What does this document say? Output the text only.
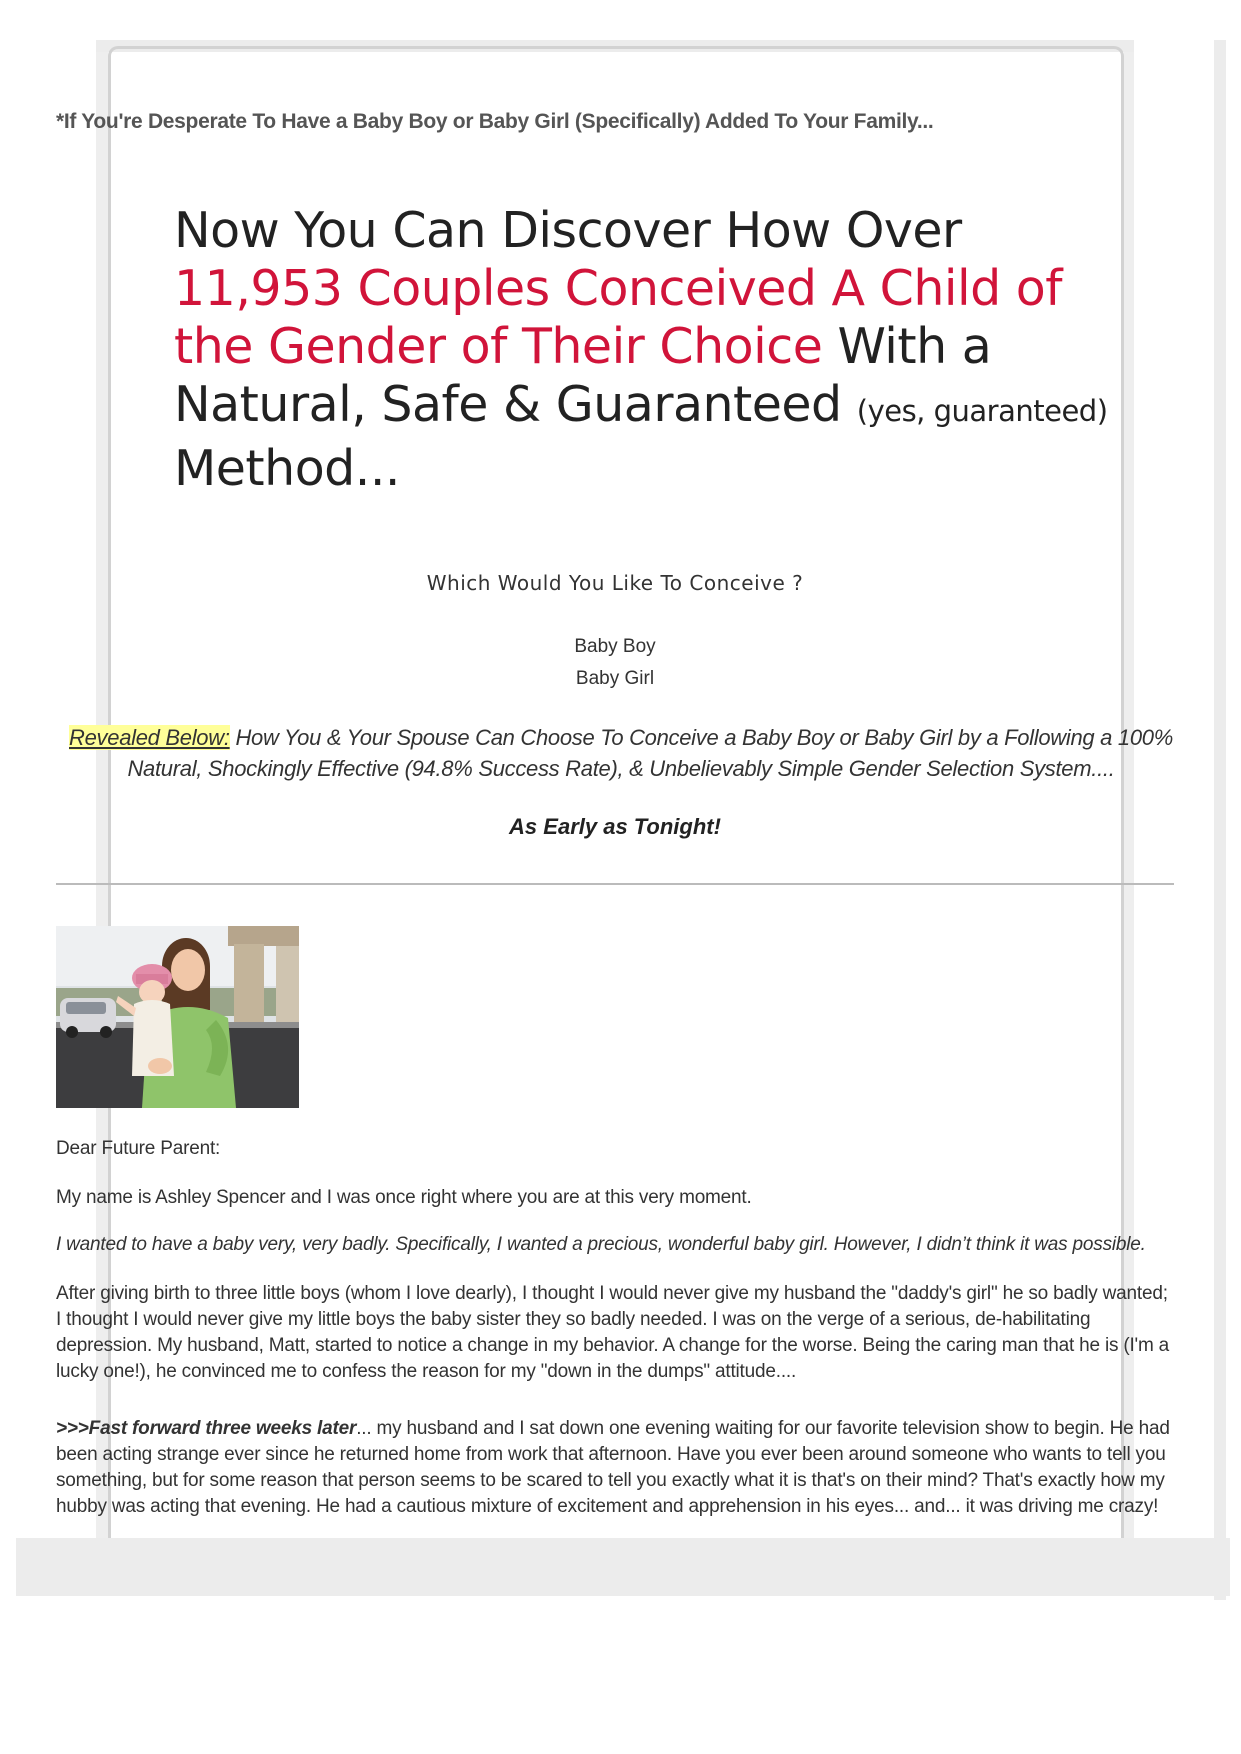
*If You're Desperate To Have a Baby Boy or Baby Girl (Specifically) Added To Your Family...
Now You Can Discover How Over 11,953 Couples Conceived A Child of the Gender of Their Choice With a Natural, Safe & Guaranteed (yes, guaranteed) Method...
Which Would You Like To Conceive ?
Baby Boy
Baby Girl
Revealed Below: How You & Your Spouse Can Choose To Conceive a Baby Boy or Baby Girl by a Following a 100% Natural, Shockingly Effective (94.8% Success Rate), & Unbelievably Simple Gender Selection System....
As Early as Tonight!
Dear Future Parent:
My name is Ashley Spencer and I was once right where you are at this very moment.
I wanted to have a baby very, very badly. Specifically, I wanted a precious, wonderful baby girl. However, I didn’t think it was possible.
After giving birth to three little boys (whom I love dearly), I thought I would never give my husband the "daddy's girl" he so badly wanted; I thought I would never give my little boys the baby sister they so badly needed. I was on the verge of a serious, de-habilitating depression. My husband, Matt, started to notice a change in my behavior. A change for the worse. Being the caring man that he is (I'm a lucky one!), he convinced me to confess the reason for my "down in the dumps" attitude....
>>>Fast forward three weeks later... my husband and I sat down one evening waiting for our favorite television show to begin. He had been acting strange ever since he returned home from work that afternoon. Have you ever been around someone who wants to tell you something, but for some reason that person seems to be scared to tell you exactly what it is that's on their mind? That's exactly how my hubby was acting that evening. He had a cautious mixture of excitement and apprehension in his eyes... and... it was driving me crazy!
